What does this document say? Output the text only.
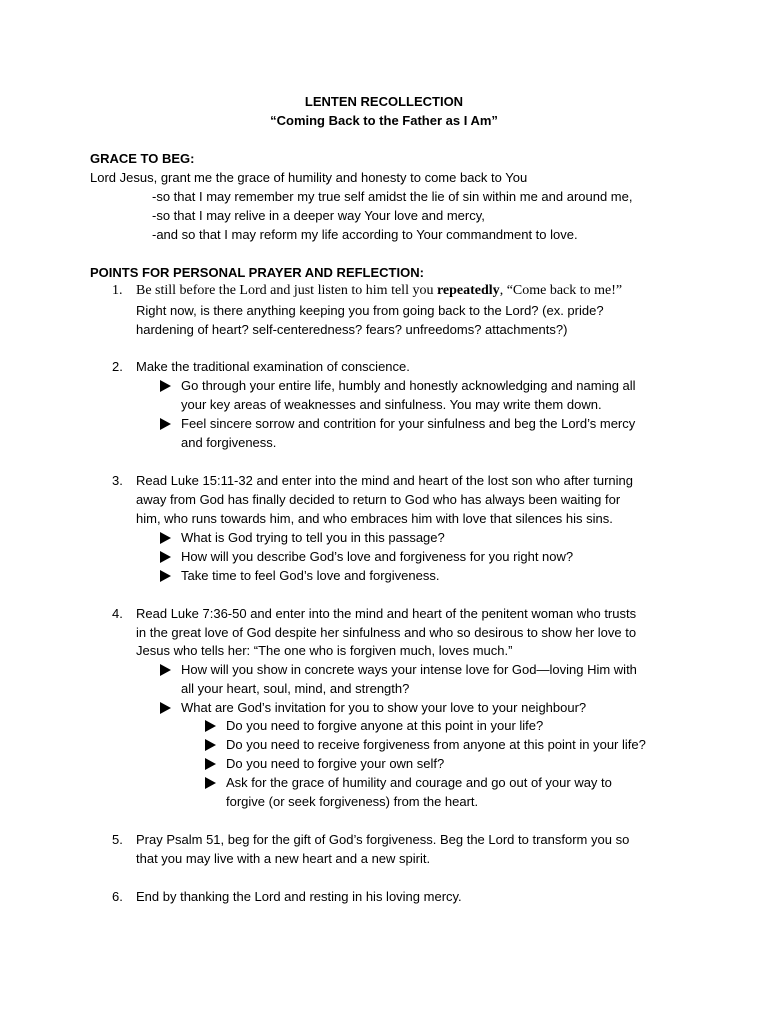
LENTEN RECOLLECTION
“Coming Back to the Father as I Am”
GRACE TO BEG:
Lord Jesus, grant me the grace of humility and honesty to come back to You
-so that I may remember my true self amidst the lie of sin within me and around me,
-so that I may relive in a deeper way Your love and mercy,
-and so that I may reform my life according to Your commandment to love.
POINTS FOR PERSONAL PRAYER AND REFLECTION:
1. Be still before the Lord and just listen to him tell you repeatedly, “Come back to me!”
Right now, is there anything keeping you from going back to the Lord? (ex. pride?
hardening of heart? self-centeredness? fears? unfreedoms? attachments?)
2. Make the traditional examination of conscience.
Go through your entire life, humbly and honestly acknowledging and naming all
your key areas of weaknesses and sinfulness. You may write them down.
Feel sincere sorrow and contrition for your sinfulness and beg the Lord’s mercy
and forgiveness.
3. Read Luke 15:11-32 and enter into the mind and heart of the lost son who after turning
away from God has finally decided to return to God who has always been waiting for
him, who runs towards him, and who embraces him with love that silences his sins.
What is God trying to tell you in this passage?
How will you describe God’s love and forgiveness for you right now?
Take time to feel God’s love and forgiveness.
4. Read Luke 7:36-50 and enter into the mind and heart of the penitent woman who trusts
in the great love of God despite her sinfulness and who so desirous to show her love to
Jesus who tells her: “The one who is forgiven much, loves much.”
How will you show in concrete ways your intense love for God—loving Him with
all your heart, soul, mind, and strength?
What are God’s invitation for you to show your love to your neighbour?
Do you need to forgive anyone at this point in your life?
Do you need to receive forgiveness from anyone at this point in your life?
Do you need to forgive your own self?
Ask for the grace of humility and courage and go out of your way to
forgive (or seek forgiveness) from the heart.
5. Pray Psalm 51, beg for the gift of God’s forgiveness. Beg the Lord to transform you so
that you may live with a new heart and a new spirit.
6. End by thanking the Lord and resting in his loving mercy.
